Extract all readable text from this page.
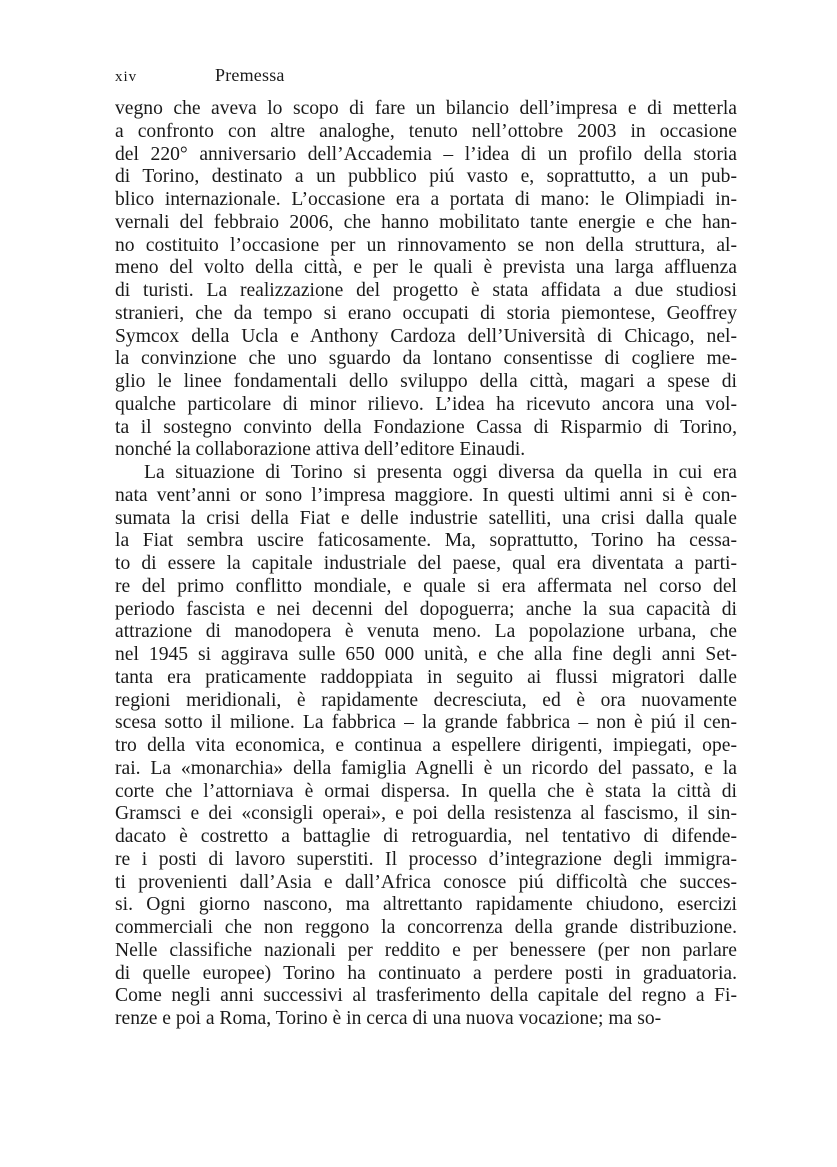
xiv	Premessa
vegno che aveva lo scopo di fare un bilancio dell’impresa e di metterla
a confronto con altre analoghe, tenuto nell’ottobre 2003 in occasione
del 220° anniversario dell’Accademia – l’idea di un profilo della storia
di Torino, destinato a un pubblico piú vasto e, soprattutto, a un pub-
blico internazionale. L’occasione era a portata di mano: le Olimpiadi in-
vernali del febbraio 2006, che hanno mobilitato tante energie e che han-
no costituito l’occasione per un rinnovamento se non della struttura, al-
meno del volto della città, e per le quali è prevista una larga affluenza
di turisti. La realizzazione del progetto è stata affidata a due studiosi
stranieri, che da tempo si erano occupati di storia piemontese, Geoffrey
Symcox della Ucla e Anthony Cardoza dell’Università di Chicago, nel-
la convinzione che uno sguardo da lontano consentisse di cogliere me-
glio le linee fondamentali dello sviluppo della città, magari a spese di
qualche particolare di minor rilievo. L’idea ha ricevuto ancora una vol-
ta il sostegno convinto della Fondazione Cassa di Risparmio di Torino,
nonché la collaborazione attiva dell’editore Einaudi.
La situazione di Torino si presenta oggi diversa da quella in cui era
nata vent’anni or sono l’impresa maggiore. In questi ultimi anni si è con-
sumata la crisi della Fiat e delle industrie satelliti, una crisi dalla quale
la Fiat sembra uscire faticosamente. Ma, soprattutto, Torino ha cessa-
to di essere la capitale industriale del paese, qual era diventata a parti-
re del primo conflitto mondiale, e quale si era affermata nel corso del
periodo fascista e nei decenni del dopoguerra; anche la sua capacità di
attrazione di manodopera è venuta meno. La popolazione urbana, che
nel 1945 si aggirava sulle 650 000 unità, e che alla fine degli anni Set-
tanta era praticamente raddoppiata in seguito ai flussi migratori dalle
regioni meridionali, è rapidamente decresciuta, ed è ora nuovamente
scesa sotto il milione. La fabbrica – la grande fabbrica – non è piú il cen-
tro della vita economica, e continua a espellere dirigenti, impiegati, ope-
rai. La «monarchia» della famiglia Agnelli è un ricordo del passato, e la
corte che l’attorniava è ormai dispersa. In quella che è stata la città di
Gramsci e dei «consigli operai», e poi della resistenza al fascismo, il sin-
dacato è costretto a battaglie di retroguardia, nel tentativo di difende-
re i posti di lavoro superstiti. Il processo d’integrazione degli immigra-
ti provenienti dall’Asia e dall’Africa conosce piú difficoltà che succes-
si. Ogni giorno nascono, ma altrettanto rapidamente chiudono, esercizi
commerciali che non reggono la concorrenza della grande distribuzione.
Nelle classifiche nazionali per reddito e per benessere (per non parlare
di quelle europee) Torino ha continuato a perdere posti in graduatoria.
Come negli anni successivi al trasferimento della capitale del regno a Fi-
renze e poi a Roma, Torino è in cerca di una nuova vocazione; ma so-
